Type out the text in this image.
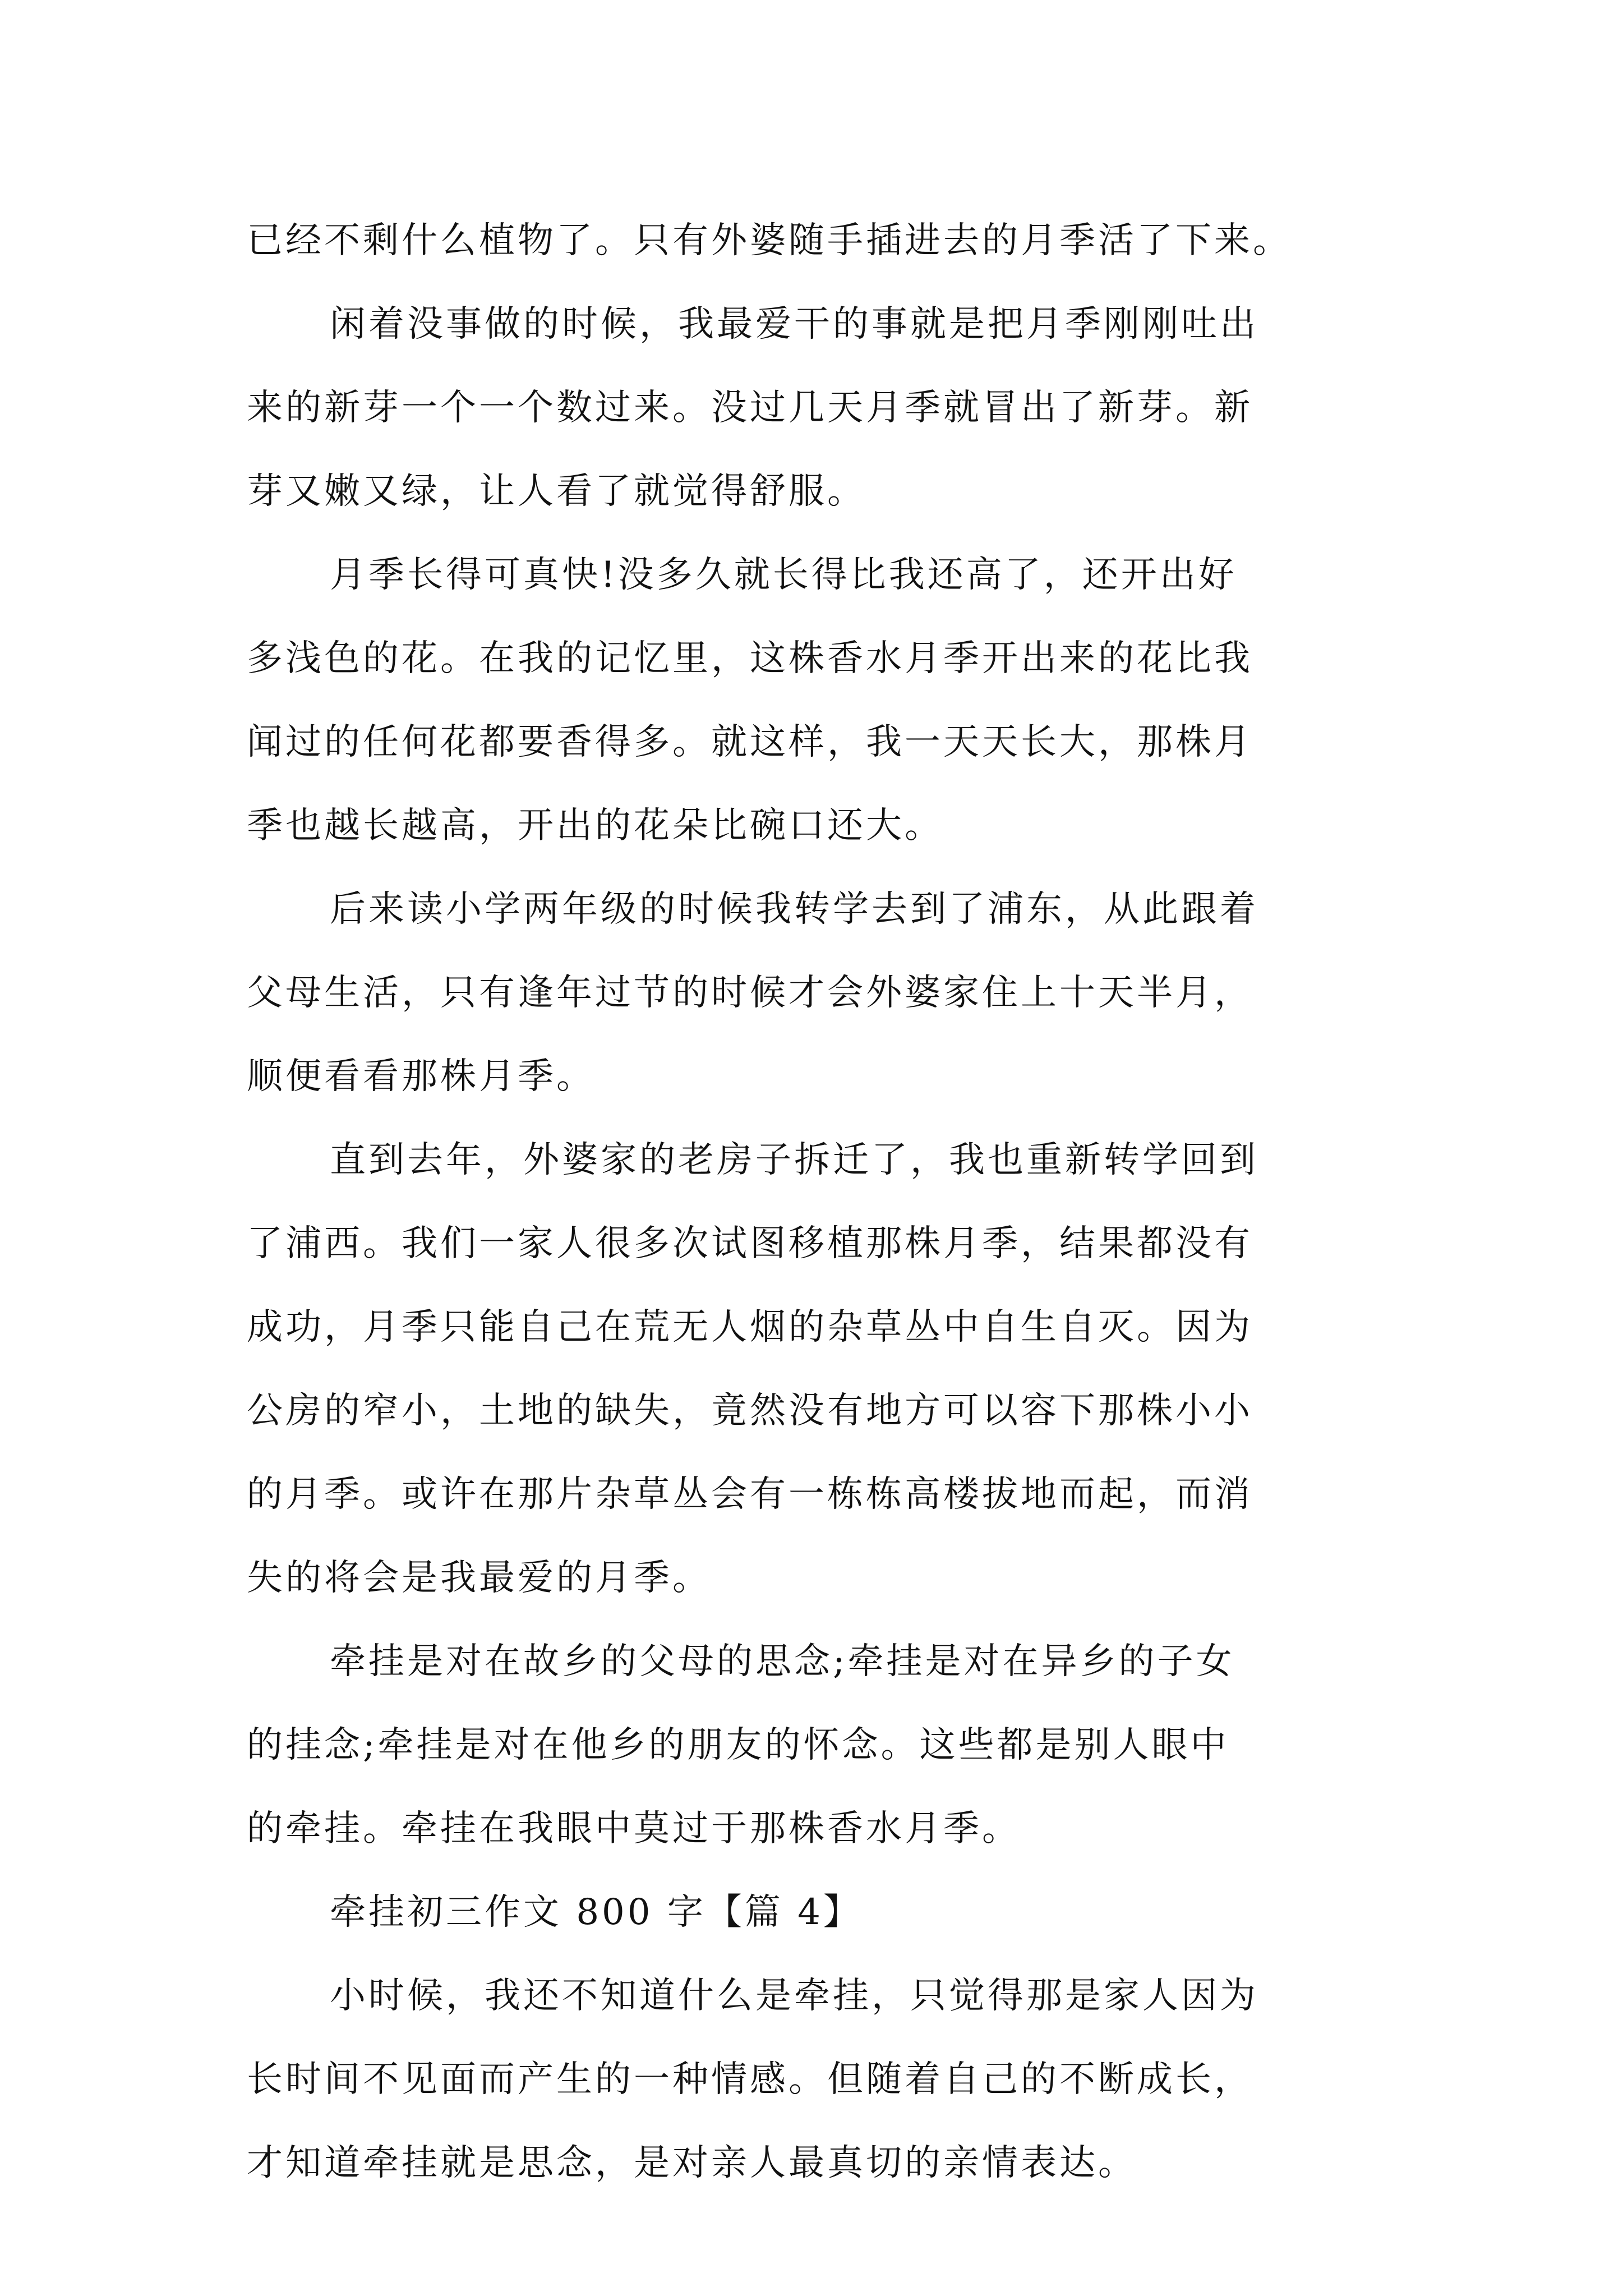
已经不剩什么植物了。只有外婆随手插进去的月季活了下来。

闲着没事做的时候，我最爱干的事就是把月季刚刚吐出

来的新芽一个一个数过来。没过几天月季就冒出了新芽。新

芽又嫩又绿，让人看了就觉得舒服。

月季长得可真快!没多久就长得比我还高了，还开出好

多浅色的花。在我的记忆里，这株香水月季开出来的花比我

闻过的任何花都要香得多。就这样，我一天天长大，那株月

季也越长越高，开出的花朵比碗口还大。

后来读小学两年级的时候我转学去到了浦东，从此跟着

父母生活，只有逢年过节的时候才会外婆家住上十天半月，

顺便看看那株月季。

直到去年，外婆家的老房子拆迁了，我也重新转学回到

了浦西。我们一家人很多次试图移植那株月季，结果都没有

成功，月季只能自己在荒无人烟的杂草丛中自生自灭。因为

公房的窄小，土地的缺失，竟然没有地方可以容下那株小小

的月季。或许在那片杂草丛会有一栋栋高楼拔地而起，而消

失的将会是我最爱的月季。

牵挂是对在故乡的父母的思念;牵挂是对在异乡的子女

的挂念;牵挂是对在他乡的朋友的怀念。这些都是别人眼中

的牵挂。牵挂在我眼中莫过于那株香水月季。

牵挂初三作文 800 字【篇 4】

小时候，我还不知道什么是牵挂，只觉得那是家人因为

长时间不见面而产生的一种情感。但随着自己的不断成长，

才知道牵挂就是思念，是对亲人最真切的亲情表达。
